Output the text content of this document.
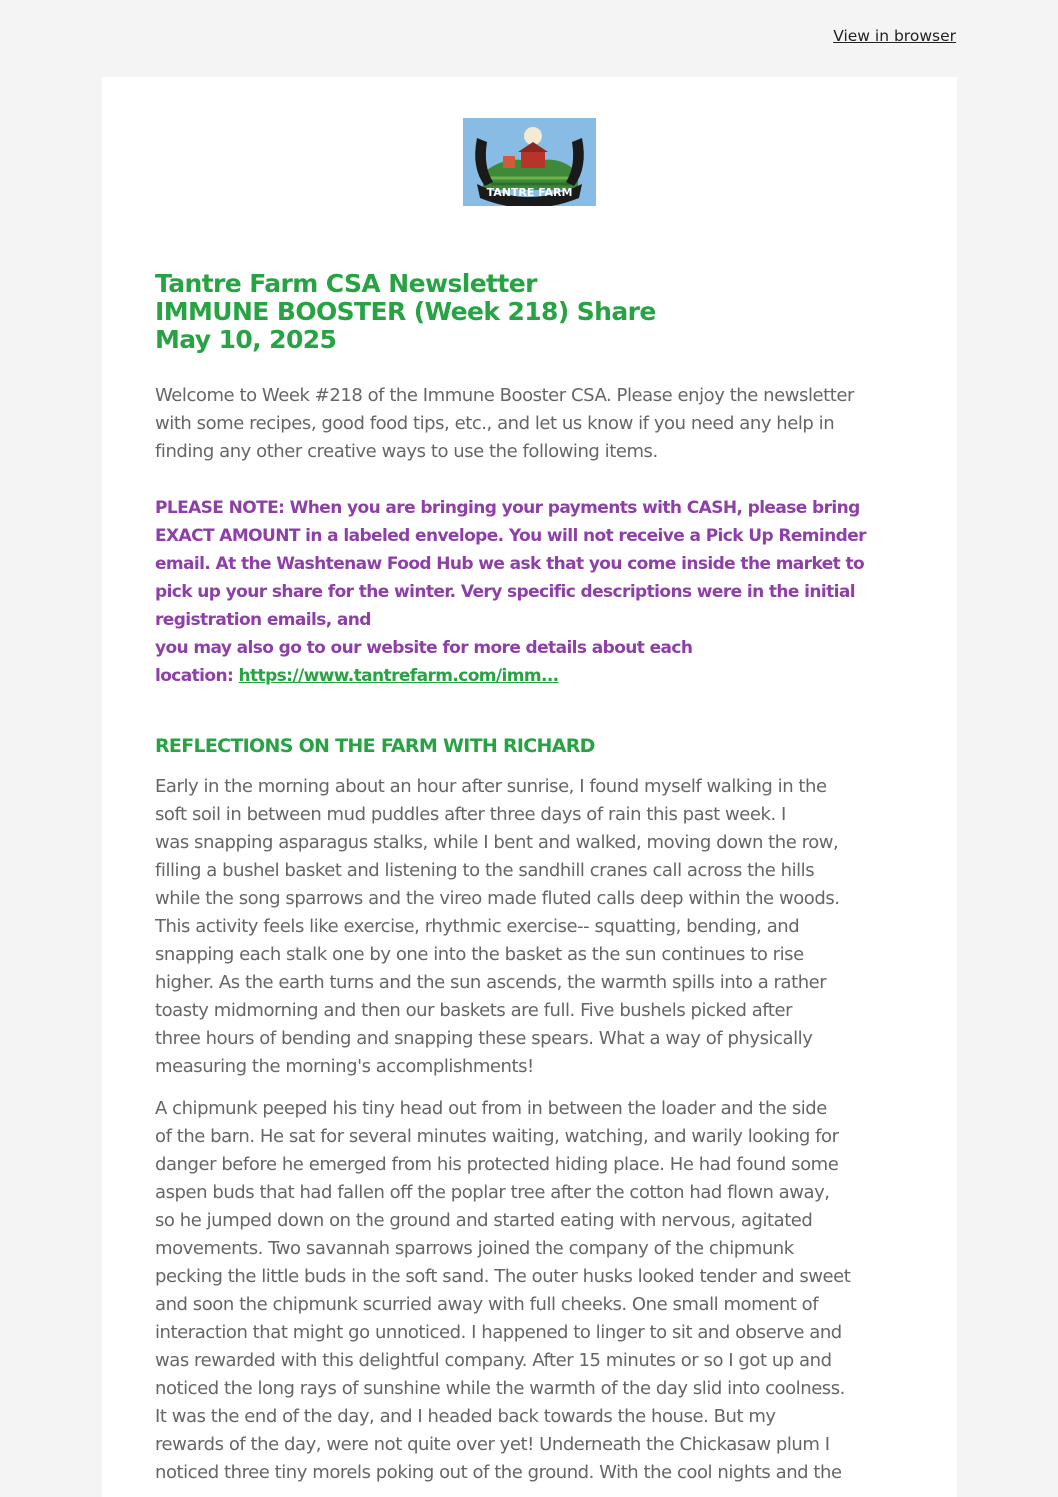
View in browser
TANTRE FARM
Tantre Farm CSA Newsletter
IMMUNE BOOSTER (Week 218) Share
May 10, 2025
Welcome to Week #218 of the Immune Booster CSA. Please enjoy the newsletter
with some recipes, good food tips, etc., and let us know if you need any help in
finding any other creative ways to use the following items.
PLEASE NOTE: When you are bringing your payments with CASH, please bring
EXACT AMOUNT in a labeled envelope. You will not receive a Pick Up Reminder
email. At the Washtenaw Food Hub we ask that you come inside the market to
pick up your share for the winter. Very specific descriptions were in the initial
registration emails, and
you may also go to our website for more details about each
location: https://www.tantrefarm.com/imm...
REFLECTIONS ON THE FARM WITH RICHARD
Early in the morning about an hour after sunrise, I found myself walking in the
soft soil in between mud puddles after three days of rain this past week. I
was snapping asparagus stalks, while I bent and walked, moving down the row,
filling a bushel basket and listening to the sandhill cranes call across the hills
while the song sparrows and the vireo made fluted calls deep within the woods.
This activity feels like exercise, rhythmic exercise-- squatting, bending, and
snapping each stalk one by one into the basket as the sun continues to rise
higher. As the earth turns and the sun ascends, the warmth spills into a rather
toasty midmorning and then our baskets are full. Five bushels picked after
three hours of bending and snapping these spears. What a way of physically
measuring the morning's accomplishments!
A chipmunk peeped his tiny head out from in between the loader and the side
of the barn. He sat for several minutes waiting, watching, and warily looking for
danger before he emerged from his protected hiding place. He had found some
aspen buds that had fallen off the poplar tree after the cotton had flown away,
so he jumped down on the ground and started eating with nervous, agitated
movements. Two savannah sparrows joined the company of the chipmunk
pecking the little buds in the soft sand. The outer husks looked tender and sweet
and soon the chipmunk scurried away with full cheeks. One small moment of
interaction that might go unnoticed. I happened to linger to sit and observe and
was rewarded with this delightful company. After 15 minutes or so I got up and
noticed the long rays of sunshine while the warmth of the day slid into coolness.
It was the end of the day, and I headed back towards the house. But my
rewards of the day, were not quite over yet! Underneath the Chickasaw plum I
noticed three tiny morels poking out of the ground. With the cool nights and the
